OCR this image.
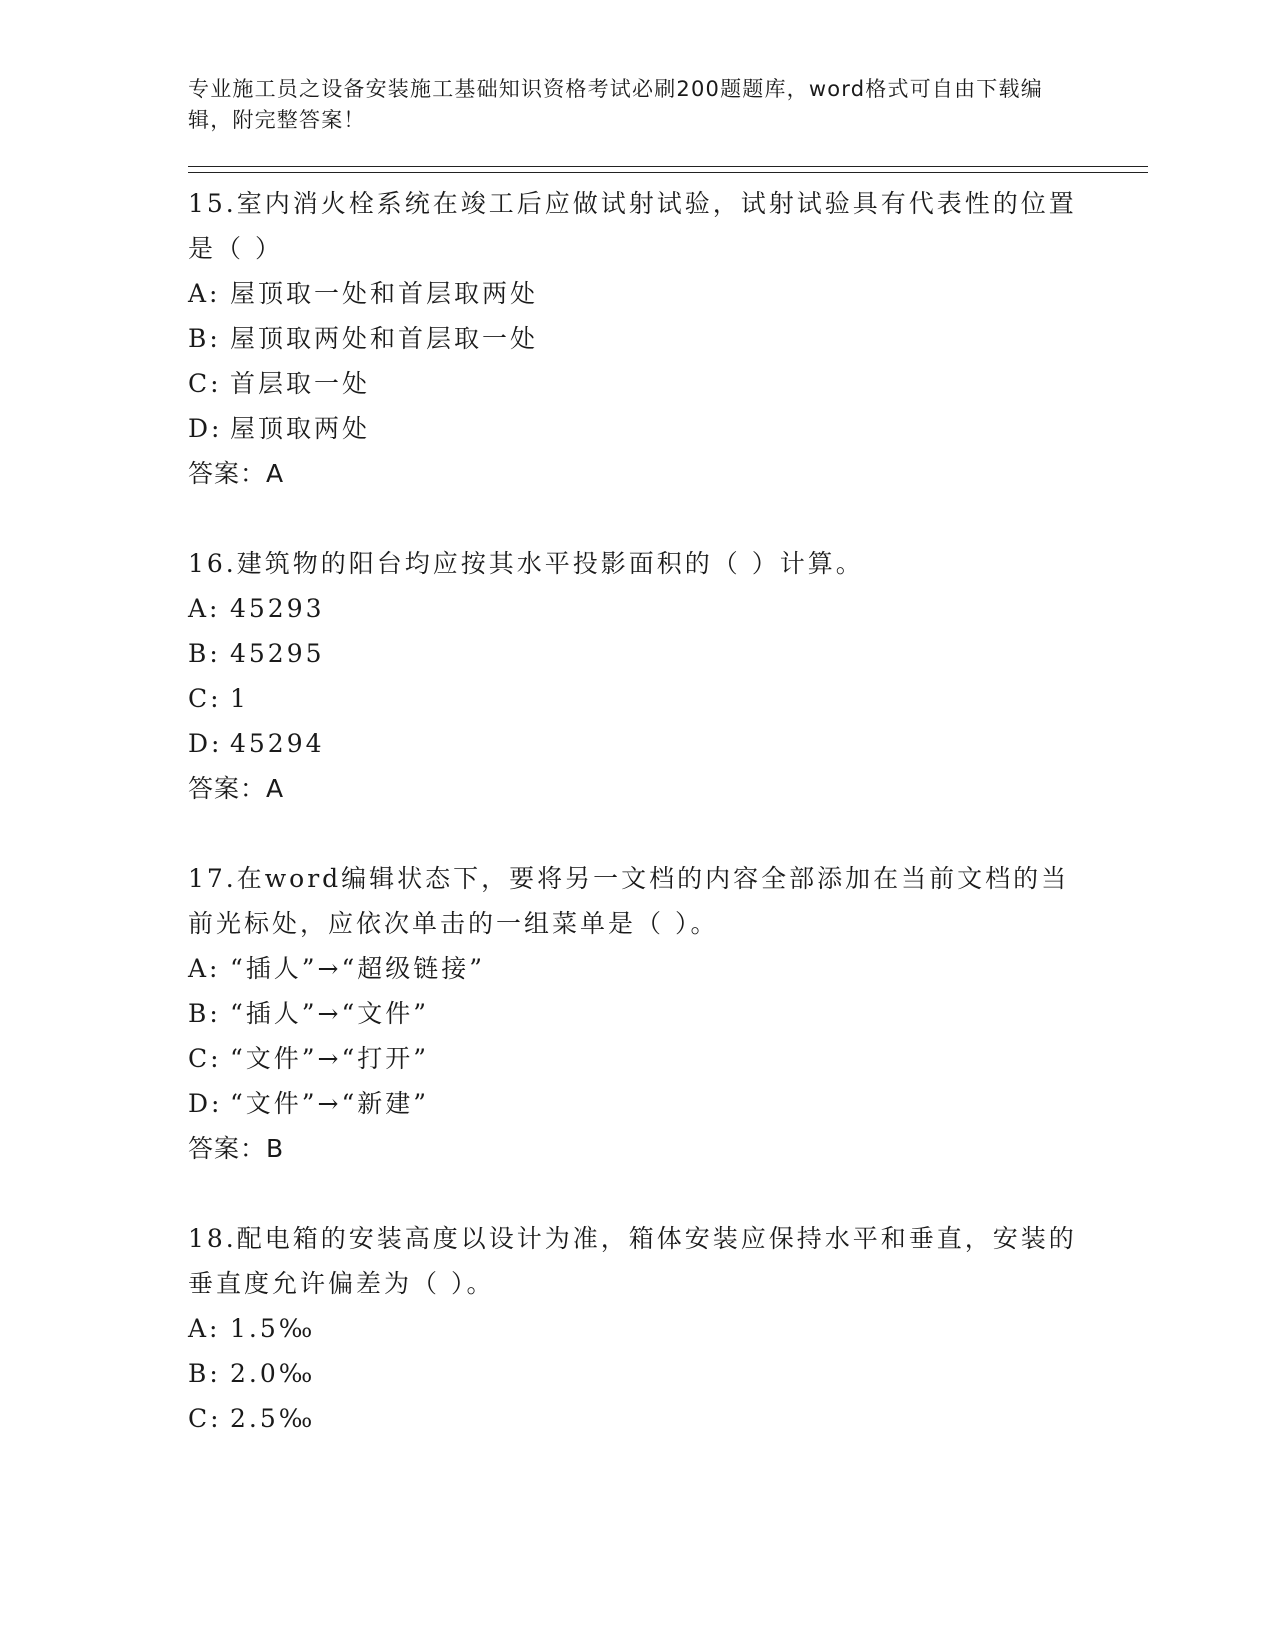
专业施工员之设备安装施工基础知识资格考试必刷200题题库，word格式可自由下载编辑，附完整答案！

15.室内消火栓系统在竣工后应做试射试验，试射试验具有代表性的位置是（ ）

A: 屋顶取一处和首层取两处

B: 屋顶取两处和首层取一处

C: 首层取一处

D: 屋顶取两处

答案：A

16.建筑物的阳台均应按其水平投影面积的（ ）计算。

A: 45293

B: 45295

C: 1

D: 45294

答案：A

17.在word编辑状态下，要将另一文档的内容全部添加在当前文档的当前光标处，应依次单击的一组菜单是（ ）。

A: “插人”→“超级链接”

B: “插人”→“文件”

C: “文件”→“打开”

D: “文件”→“新建”

答案：B

18.配电箱的安装高度以设计为准，箱体安装应保持水平和垂直，安装的垂直度允许偏差为（ ）。

A: 1.5‰

B: 2.0‰

C: 2.5‰
